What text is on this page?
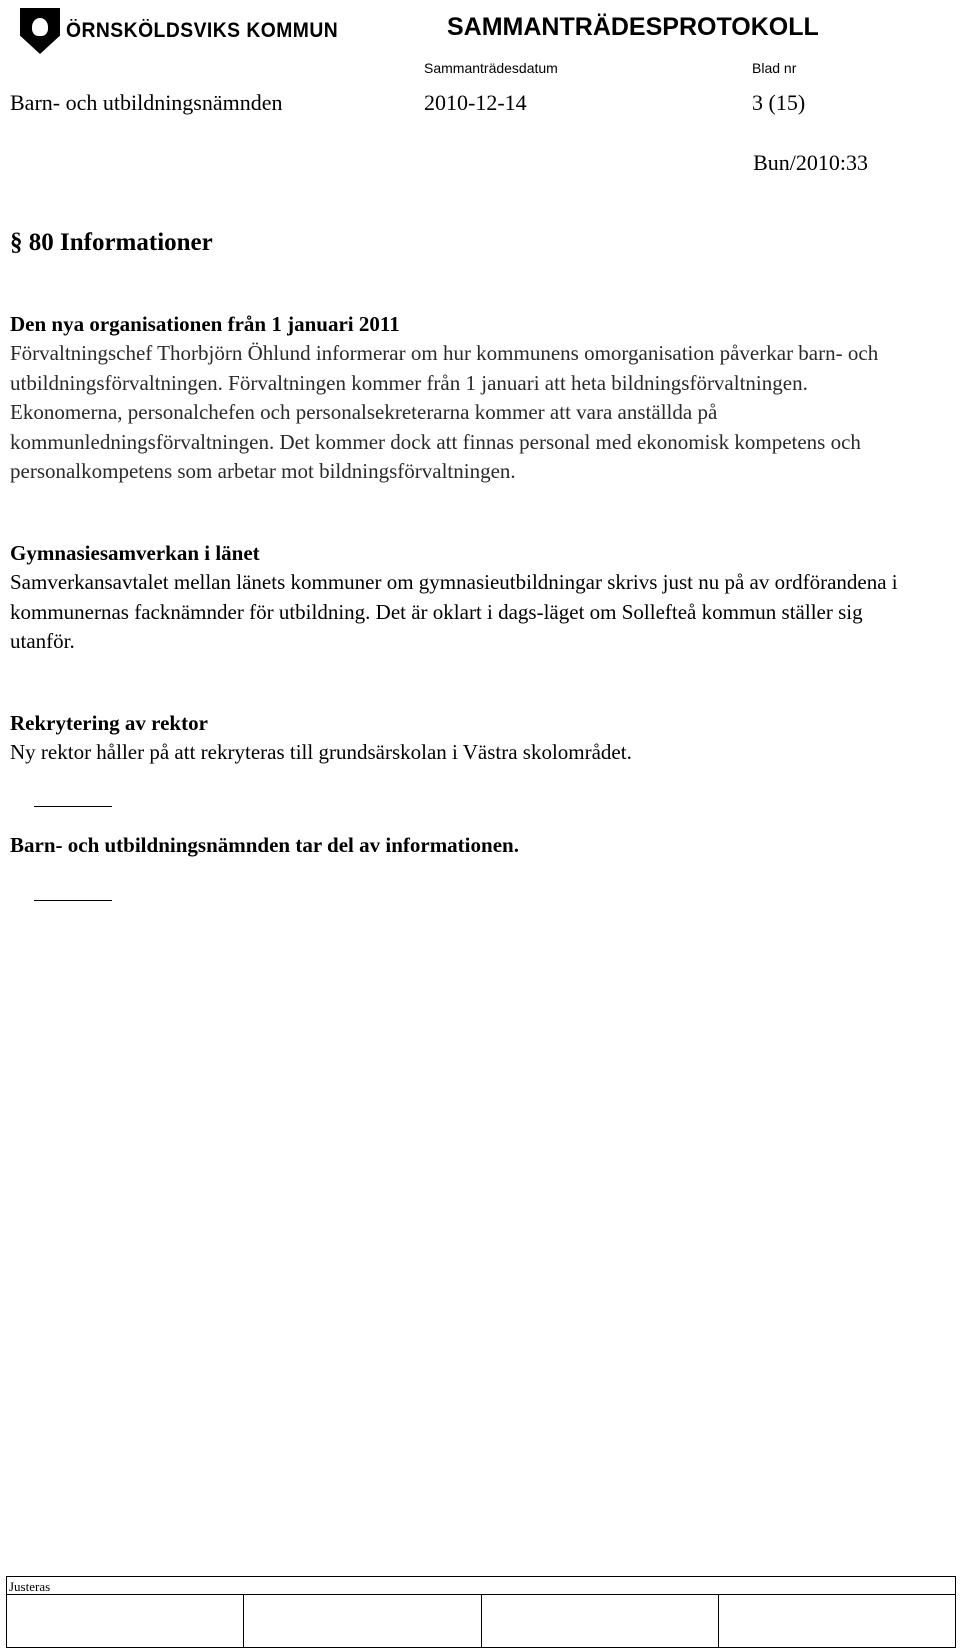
ÖRNSKÖLDSVIKS KOMMUN	SAMMANTRÄDESPROTOKOLL
Sammanträdesdatum	Blad nr
Barn- och utbildningsnämnden	2010-12-14	3 (15)
Bun/2010:33

§ 80 Informationer

Den nya organisationen från 1 januari 2011

Förvaltningschef Thorbjörn Öhlund informerar om hur kommunens omorganisation påverkar barn- och utbildningsförvaltningen. Förvaltningen kommer från 1 januari att heta bildningsförvaltningen. Ekonomerna, personalchefen och personalsekreterarna kommer att vara anställda på kommunledningsförvaltningen. Det kommer dock att finnas personal med ekonomisk kompetens och personalkompetens som arbetar mot bildningsförvaltningen.

Gymnasiesamverkan i länet

Samverkansavtalet mellan länets kommuner om gymnasieutbildningar skrivs just nu på av ordförandena i kommunernas facknämnder för utbildning. Det är oklart i dags-läget om Sollefteå kommun ställer sig utanför.

Rekrytering av rektor

Ny rektor håller på att rekryteras till grundsärskolan i Västra skolområdet.

Barn- och utbildningsnämnden tar del av informationen.

Justeras
